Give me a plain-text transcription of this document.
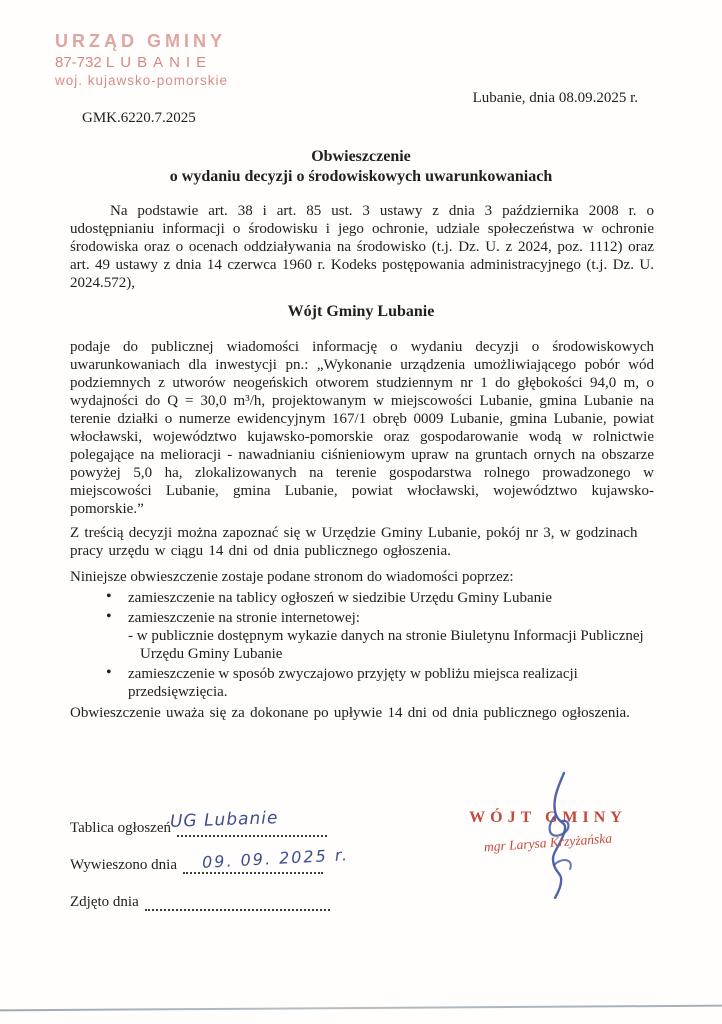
URZĄD GMINY
87-732 LUBANIE
woj. kujawsko-pomorskie
Lubanie, dnia 08.09.2025 r.
GMK.6220.7.2025

Obwieszczenie

o wydaniu decyzji o środowiskowych uwarunkowaniach

Na podstawie art. 38 i art. 85 ust. 3 ustawy z dnia 3 października 2008 r. o udostępnianiu informacji o środowisku i jego ochronie, udziale społeczeństwa w ochronie środowiska oraz o ocenach oddziaływania na środowisko (t.j. Dz. U. z 2024, poz. 1112) oraz art. 49 ustawy z dnia 14 czerwca 1960 r. Kodeks postępowania administracyjnego (t.j. Dz. U. 2024.572),

Wójt Gminy Lubanie

podaje do publicznej wiadomości informację o wydaniu decyzji o środowiskowych uwarunkowaniach dla inwestycji pn.: „Wykonanie urządzenia umożliwiającego pobór wód podziemnych z utworów neogeńskich otworem studziennym nr 1 do głębokości 94,0 m, o wydajności do Q = 30,0 m³/h, projektowanym w miejscowości Lubanie, gmina Lubanie na terenie działki o numerze ewidencyjnym 167/1 obręb 0009 Lubanie, gmina Lubanie, powiat włocławski, województwo kujawsko-pomorskie oraz gospodarowanie wodą w rolnictwie polegające na melioracji - nawadnianiu ciśnieniowym upraw na gruntach ornych na obszarze powyżej 5,0 ha, zlokalizowanych na terenie gospodarstwa rolnego prowadzonego w miejscowości Lubanie, gmina Lubanie, powiat włocławski, województwo kujawsko-pomorskie.”

Z treścią decyzji można zapoznać się w Urzędzie Gminy Lubanie, pokój nr 3, w godzinach pracy urzędu w ciągu 14 dni od dnia publicznego ogłoszenia.

Niniejsze obwieszczenie zostaje podane stronom do wiadomości poprzez:

• zamieszczenie na tablicy ogłoszeń w siedzibie Urzędu Gminy Lubanie
• zamieszczenie na stronie internetowej:
- w publicznie dostępnym wykazie danych na stronie Biuletynu Informacji Publicznej Urzędu Gminy Lubanie
• zamieszczenie w sposób zwyczajowo przyjęty w pobliżu miejsca realizacji przedsięwzięcia.

Obwieszczenie uważa się za dokonane po upływie 14 dni od dnia publicznego ogłoszenia.

WÓJT GMINY
mgr Larysa Krzyżańska
Tablica ogłoszeń
UG Lubanie
Wywieszono dnia 09. 09. 2025 r.
Zdjęto dnia
